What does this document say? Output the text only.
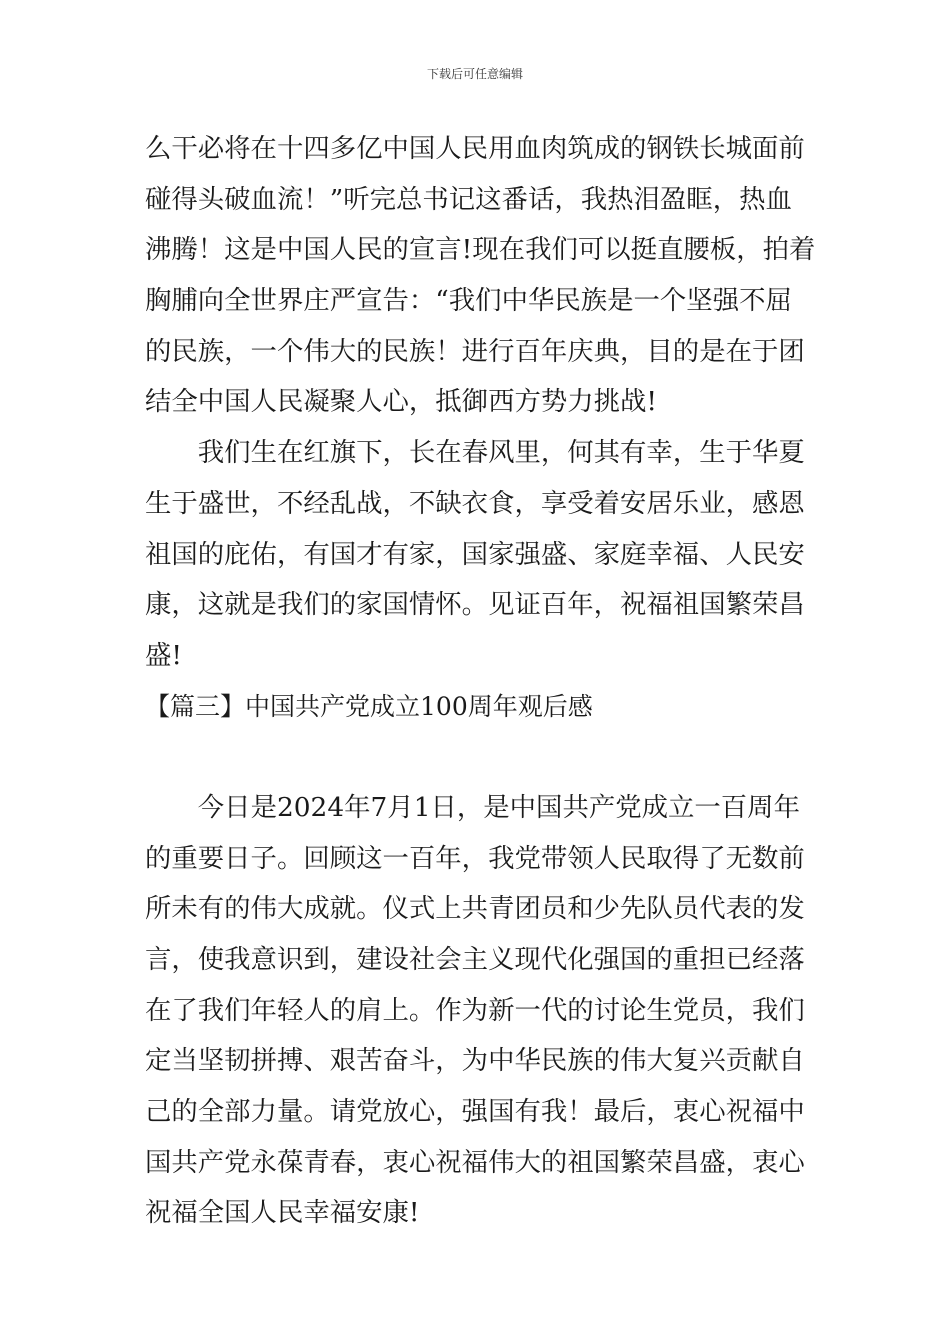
下载后可任意编辑
么干必将在十四多亿中国人民用血肉筑成的钢铁长城面前
碰得头破血流！”听完总书记这番话，我热泪盈眶，热血
沸腾！这是中国人民的宣言!现在我们可以挺直腰板，拍着
胸脯向全世界庄严宣告：“我们中华民族是一个坚强不屈
的民族，一个伟大的民族！进行百年庆典，目的是在于团
结全中国人民凝聚人心，抵御西方势力挑战!
我们生在红旗下，长在春风里，何其有幸，生于华夏
生于盛世，不经乱战，不缺衣食，享受着安居乐业，感恩
祖国的庇佑，有国才有家，国家强盛、家庭幸福、人民安
康，这就是我们的家国情怀。见证百年，祝福祖国繁荣昌
盛!
【篇三】中国共产党成立100周年观后感
今日是2024年7月1日，是中国共产党成立一百周年
的重要日子。回顾这一百年，我党带领人民取得了无数前
所未有的伟大成就。仪式上共青团员和少先队员代表的发
言，使我意识到，建设社会主义现代化强国的重担已经落
在了我们年轻人的肩上。作为新一代的讨论生党员，我们
定当坚韧拼搏、艰苦奋斗，为中华民族的伟大复兴贡献自
己的全部力量。请党放心，强国有我！最后，衷心祝福中
国共产党永葆青春，衷心祝福伟大的祖国繁荣昌盛，衷心
祝福全国人民幸福安康!
